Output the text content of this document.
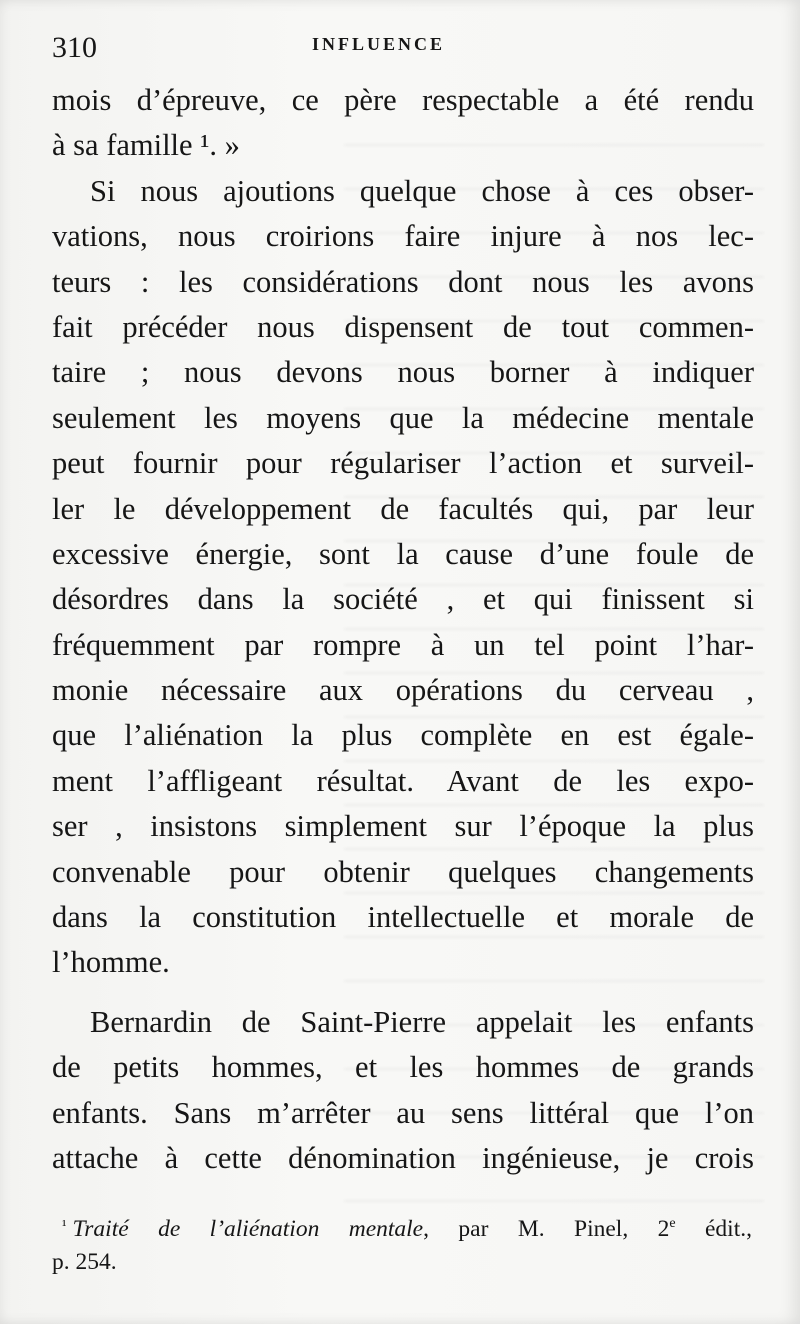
310	INFLUENCE
mois d’épreuve, ce père respectable a été rendu
à sa famille ¹. »
Si nous ajoutions quelque chose à ces obser-
vations, nous croirions faire injure à nos lec-
teurs : les considérations dont nous les avons
fait précéder nous dispensent de tout commen-
taire ; nous devons nous borner à indiquer
seulement les moyens que la médecine mentale
peut fournir pour régulariser l’action et surveil-
ler le développement de facultés qui, par leur
excessive énergie, sont la cause d’une foule de
désordres dans la société , et qui finissent si
fréquemment par rompre à un tel point l’har-
monie nécessaire aux opérations du cerveau ,
que l’aliénation la plus complète en est égale-
ment l’affligeant résultat. Avant de les expo-
ser , insistons simplement sur l’époque la plus
convenable pour obtenir quelques changements
dans la constitution intellectuelle et morale de
l’homme.
Bernardin de Saint-Pierre appelait les enfants
de petits hommes, et les hommes de grands
enfants. Sans m’arrêter au sens littéral que l’on
attache à cette dénomination ingénieuse, je crois
$^{^1}$ Traité de l’aliénation mentale, par M. Pinel, 2e édit.,
p. 254.
